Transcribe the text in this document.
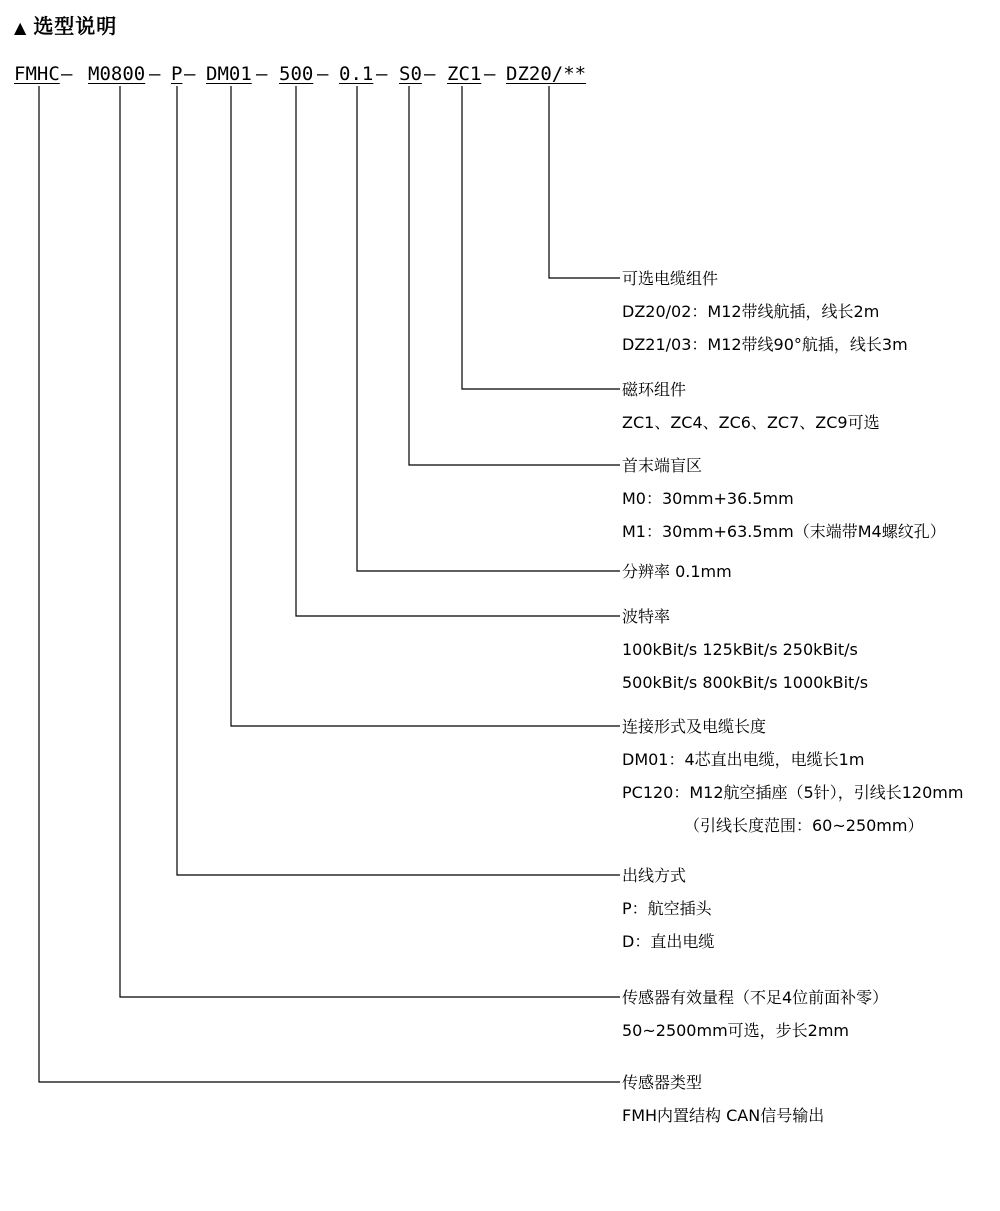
▲ 选型说明
FMHC — M0800 — P — DM01 — 500 — 0.1 — S0 — ZC1 — DZ20/**
可选电缆组件
DZ20/02：M12带线航插，线长2m
DZ21/03：M12带线90°航插，线长3m
磁环组件
ZC1、ZC4、ZC6、ZC7、ZC9可选
首末端盲区
M0：30mm+36.5mm
M1：30mm+63.5mm（末端带M4螺纹孔）
分辨率 0.1mm
波特率
100kBit/s 125kBit/s 250kBit/s
500kBit/s 800kBit/s 1000kBit/s
连接形式及电缆长度
DM01：4芯直出电缆，电缆长1m
PC120：M12航空插座（5针），引线长120mm
（引线长度范围：60~250mm）
出线方式
P：航空插头
D：直出电缆
传感器有效量程（不足4位前面补零）
50~2500mm可选，步长2mm
传感器类型
FMH内置结构 CAN信号输出
